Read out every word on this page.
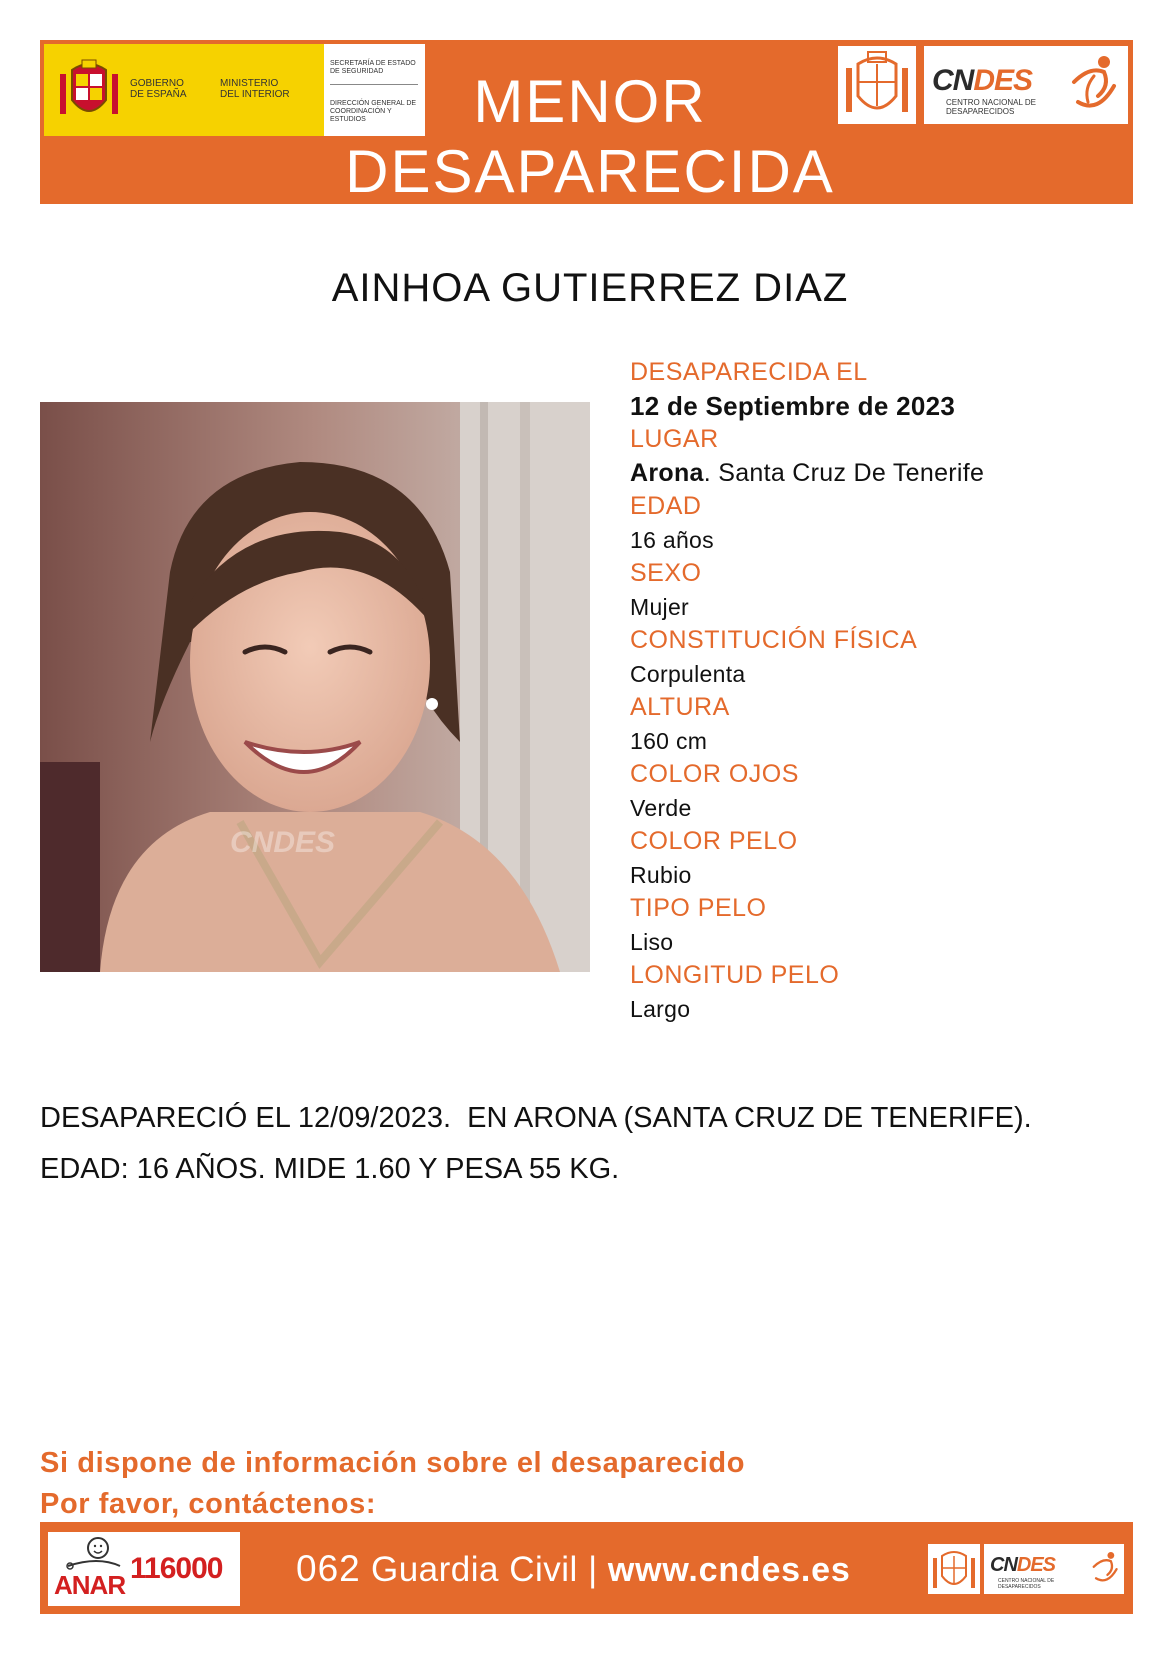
GOBIERNO DE ESPAÑA
MINISTERIO DEL INTERIOR
SECRETARÍA DE ESTADO DE SEGURIDAD
DIRECCIÓN GENERAL DE COORDINACIÓN Y ESTUDIOS	MENOR
DESAPARECIDA
CNDES
CENTRO NACIONAL DE DESAPARECIDOS
AINHOA GUTIERREZ DIAZ
CNDES
DESAPARECIDA EL
12 de Septiembre de 2023
LUGAR
Arona. Santa Cruz De Tenerife
EDAD
16 años
SEXO
Mujer
CONSTITUCIÓN FÍSICA
Corpulenta
ALTURA
160 cm
COLOR OJOS
Verde
COLOR PELO
Rubio
TIPO PELO
Liso
LONGITUD PELO
Largo
DESAPARECIÓ EL 12/09/2023.  EN ARONA (SANTA CRUZ DE TENERIFE).
EDAD: 16 AÑOS. MIDE 1.60 Y PESA 55 KG.
Si dispone de información sobre el desaparecido
Por favor, contáctenos:
ANAR 116000 062 Guardia Civil | www.cndes.es	CNDES
CENTRO NACIONAL DE DESAPARECIDOS
